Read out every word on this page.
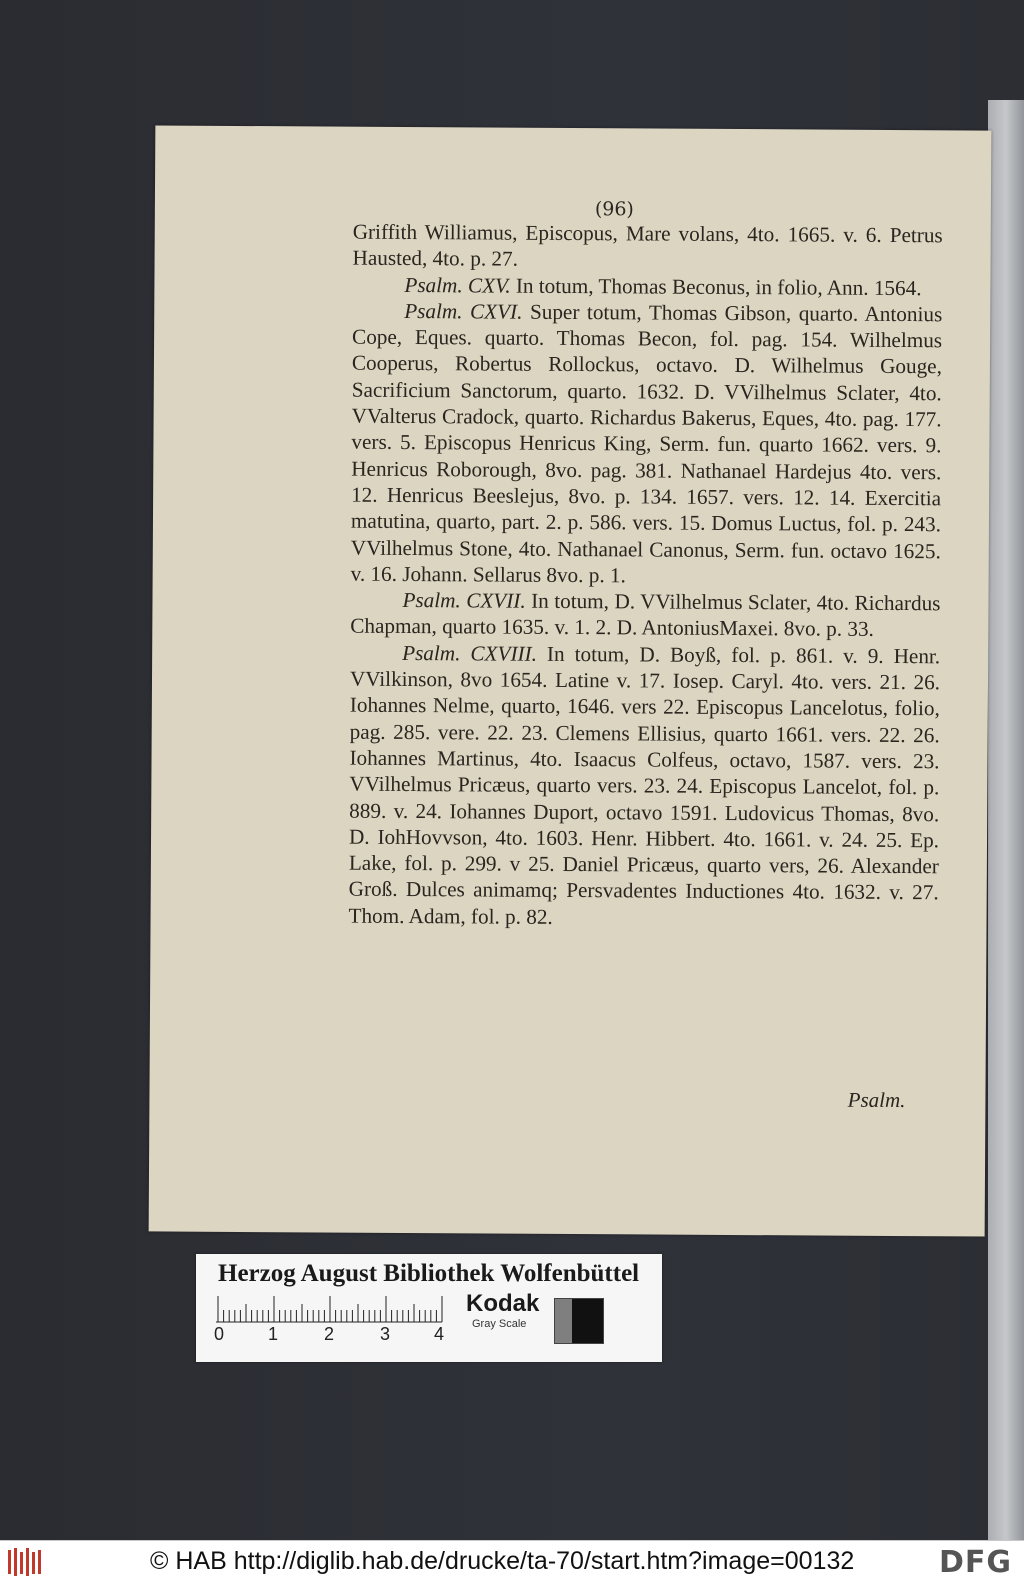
(96)

Griffith Williamus, Episcopus, Mare volans, 4to. 1665. v. 6. Petrus Hausted, 4to. p. 27.

Psalm. CXV. In totum, Thomas Beconus, in folio, Ann. 1564.

Psalm. CXVI. Super totum, Thomas Gibson, quarto. Antonius Cope, Eques. quarto. Thomas Becon, fol. pag. 154. Wilhelmus Cooperus, Robertus Rollockus, octavo. D. Wilhelmus Gouge, Sacrificium Sanctorum, quarto. 1632. D. VVilhelmus Sclater, 4to. VValterus Cradock, quarto. Richardus Bakerus, Eques, 4to. pag. 177. vers. 5. Episcopus Henricus King, Serm. fun. quarto 1662. vers. 9. Henricus Roborough, 8vo. pag. 381. Nathanael Hardejus 4to. vers. 12. Henricus Beeslejus, 8vo. p. 134. 1657. vers. 12. 14. Exercitia matutina, quarto, part. 2. p. 586. vers. 15. Domus Luctus, fol. p. 243. VVilhelmus Stone, 4to. Nathanael Canonus, Serm. fun. octavo 1625. v. 16. Johann. Sellarus 8vo. p. 1.

Psalm. CXVII. In totum, D. VVilhelmus Sclater, 4to. Richardus Chapman, quarto 1635. v. 1. 2. D. AntoniusMaxei. 8vo. p. 33.

Psalm. CXVIII. In totum, D. Boyß, fol. p. 861. v. 9. Henr. VVilkinson, 8vo 1654. Latine v. 17. Iosep. Caryl. 4to. vers. 21. 26. Iohannes Nelme, quarto, 1646. vers 22. Episcopus Lancelotus, folio, pag. 285. vere. 22. 23. Clemens Ellisius, quarto 1661. vers. 22. 26. Iohannes Martinus, 4to. Isaacus Colfeus, octavo, 1587. vers. 23. VVilhelmus Pricæus, quarto vers. 23. 24. Episcopus Lancelot, fol. p. 889. v. 24. Iohannes Duport, octavo 1591. Ludovicus Thomas, 8vo. D. IohHovvson, 4to. 1603. Henr. Hibbert. 4to. 1661. v. 24. 25. Ep. Lake, fol. p. 299. v 25. Daniel Pricæus, quarto vers, 26. Alexander Groß. Dulces animamq; Persvadentes Inductiones 4to. 1632. v. 27. Thom. Adam, fol. p. 82.

Psalm.
Herzog August Bibliothek Wolfenbüttel
0 1	2	3 4
Kodak
Gray Scale
© HAB http://diglib.hab.de/drucke/ta-70/start.htm?image=00132	DFG
